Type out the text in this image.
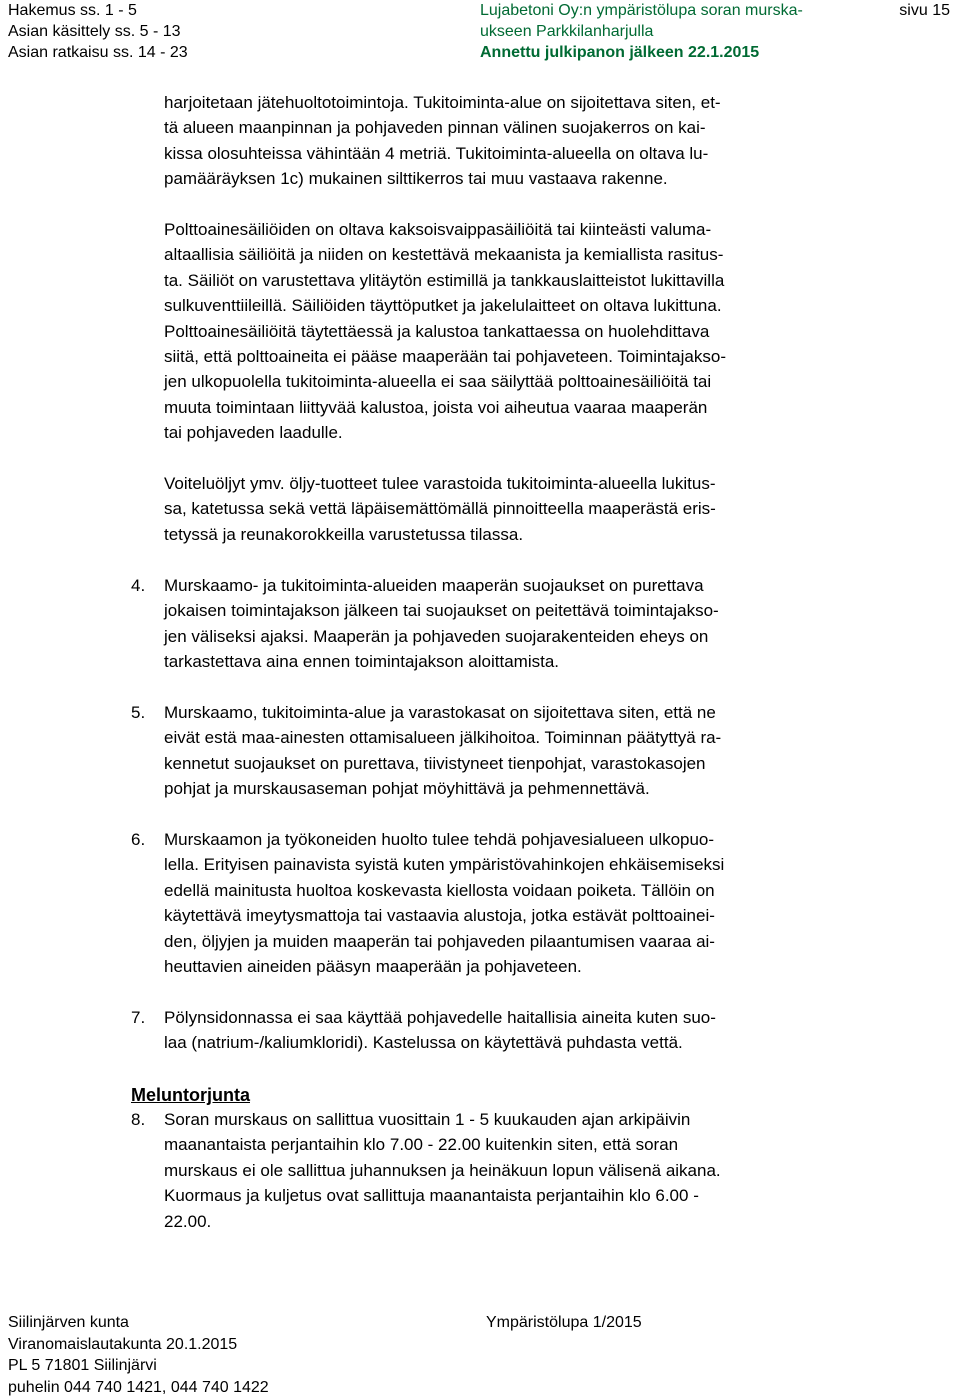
Hakemus ss. 1 - 5
Asian käsittely ss. 5 - 13
Asian ratkaisu ss. 14 - 23
Lujabetoni Oy:n ympäristölupa soran murska-
ukseen Parkkilanharjulla
Annettu julkipanon jälkeen 22.1.2015
sivu 15

harjoitetaan jätehuoltotoimintoja. Tukitoiminta-alue on sijoitettava siten, et-
tä alueen maanpinnan ja pohjaveden pinnan välinen suojakerros on kai-
kissa olosuhteissa vähintään 4 metriä. Tukitoiminta-alueella on oltava lu-
pamääräyksen 1c) mukainen silttikerros tai muu vastaava rakenne.

Polttoainesäiliöiden on oltava kaksoisvaippasäiliöitä tai kiinteästi valuma-
altaallisia säiliöitä ja niiden on kestettävä mekaanista ja kemiallista rasitus-
ta. Säiliöt on varustettava ylitäytön estimillä ja tankkauslaitteistot lukittavilla
sulkuventtiileillä. Säiliöiden täyttöputket ja jakelulaitteet on oltava lukittuna.
Polttoainesäiliöitä täytettäessä ja kalustoa tankattaessa on huolehdittava
siitä, että polttoaineita ei pääse maaperään tai pohjaveteen. Toimintajakso-
jen ulkopuolella tukitoiminta-alueella ei saa säilyttää polttoainesäiliöitä tai
muuta toimintaan liittyvää kalustoa, joista voi aiheutua vaaraa maaperän
tai pohjaveden laadulle.

Voiteluöljyt ymv. öljy-tuotteet tulee varastoida tukitoiminta-alueella lukitus-
sa, katetussa sekä vettä läpäisemättömällä pinnoitteella maaperästä eris-
tetyssä ja reunakorokkeilla varustetussa tilassa.

4.	Murskaamo- ja tukitoiminta-alueiden maaperän suojaukset on purettava
jokaisen toimintajakson jälkeen tai suojaukset on peitettävä toimintajakso-
jen väliseksi ajaksi. Maaperän ja pohjaveden suojarakenteiden eheys on
tarkastettava aina ennen toimintajakson aloittamista.
5.	Murskaamo, tukitoiminta-alue ja varastokasat on sijoitettava siten, että ne
eivät estä maa-ainesten ottamisalueen jälkihoitoa. Toiminnan päätyttyä ra-
kennetut suojaukset on purettava, tiivistyneet tienpohjat, varastokasojen
pohjat ja murskausaseman pohjat möyhittävä ja pehmennettävä.
6.	Murskaamon ja työkoneiden huolto tulee tehdä pohjavesialueen ulkopuo-
lella. Erityisen painavista syistä kuten ympäristövahinkojen ehkäisemiseksi
edellä mainitusta huoltoa koskevasta kiellosta voidaan poiketa. Tällöin on
käytettävä imeytysmattoja tai vastaavia alustoja, jotka estävät polttoainei-
den, öljyjen ja muiden maaperän tai pohjaveden pilaantumisen vaaraa ai-
heuttavien aineiden pääsyn maaperään ja pohjaveteen.
7.	Pölynsidonnassa ei saa käyttää pohjavedelle haitallisia aineita kuten suo-
laa (natrium-/kaliumkloridi). Kastelussa on käytettävä puhdasta vettä.
Meluntorjunta
8.	Soran murskaus on sallittua vuosittain 1 - 5 kuukauden ajan arkipäivin
maanantaista perjantaihin klo 7.00 - 22.00 kuitenkin siten, että soran
murskaus ei ole sallittua juhannuksen ja heinäkuun lopun välisenä aikana.
Kuormaus ja kuljetus ovat sallittuja maanantaista perjantaihin klo 6.00 -
22.00.
Siilinjärven kunta
Viranomaislautakunta 20.1.2015
PL 5 71801 Siilinjärvi
puhelin 044 740 1421, 044 740 1422
Ympäristölupa 1/2015
